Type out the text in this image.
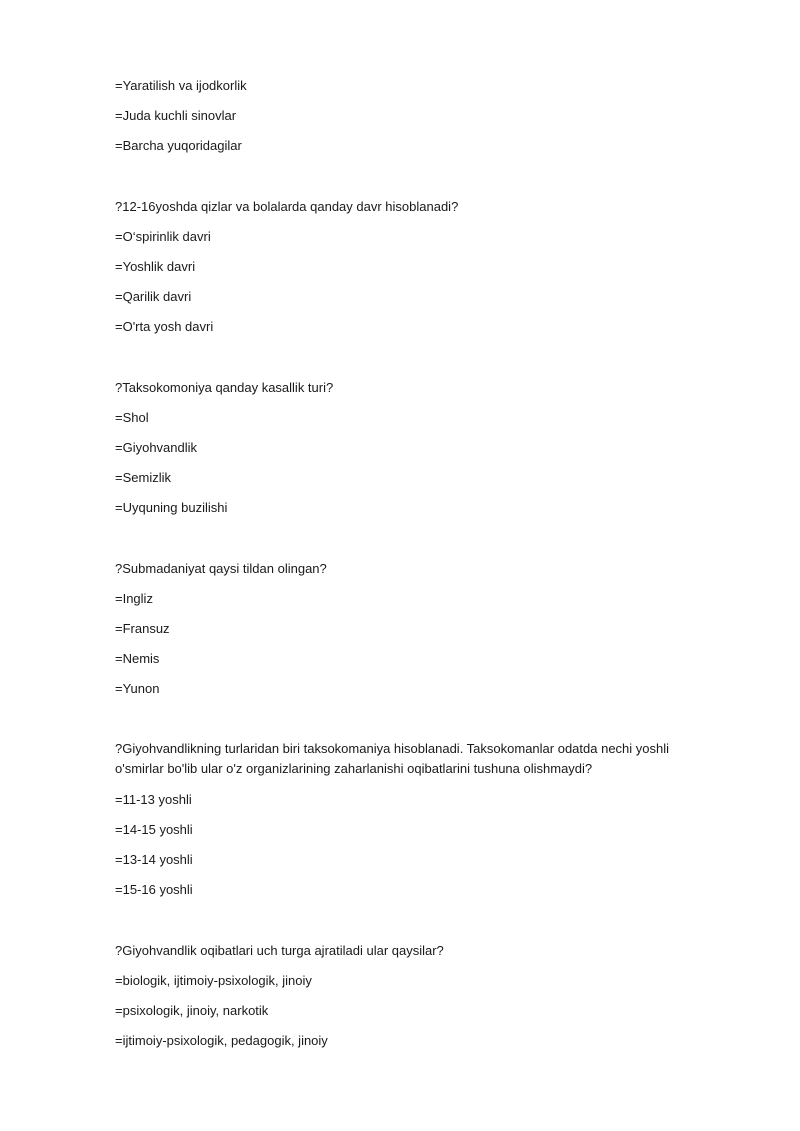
=Yaratilish va ijodkorlik
=Juda kuchli sinovlar
=Barcha yuqoridagilar
?12-16yoshda qizlar va bolalarda qanday davr hisoblanadi?
=O‘spirinlik davri
=Yoshlik davri
=Qarilik davri
=O'rta yosh davri
?Taksokomoniya qanday kasallik turi?
=Shol
=Giyohvandlik
=Semizlik
=Uyquning buzilishi
?Submadaniyat qaysi tildan olingan?
=Ingliz
=Fransuz
=Nemis
=Yunon
?Giyohvandlikning turlaridan biri taksokomaniya hisoblanadi. Taksokomanlar odatda nechi yoshli o'smirlar bo'lib ular o'z organizlarining zaharlanishi oqibatlarini tushuna olishmaydi?
=11-13 yoshli
=14-15 yoshli
=13-14 yoshli
=15-16 yoshli
?Giyohvandlik oqibatlari uch turga ajratiladi ular qaysilar?
=biologik, ijtimoiy-psixologik, jinoiy
=psixologik, jinoiy, narkotik
=ijtimoiy-psixologik, pedagogik, jinoiy
